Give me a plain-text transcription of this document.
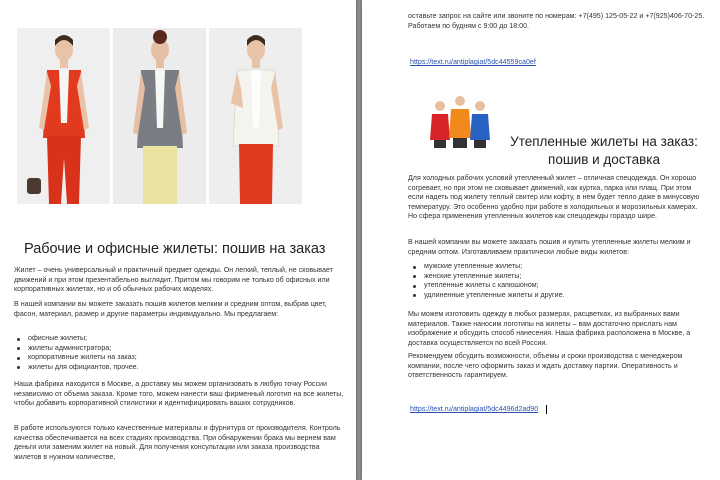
Рабочие и офисные жилеты: пошив на заказ
Жилет – очень универсальный и практичный предмет одежды. Он легкий, теплый, не сковывает движений и при этом презентабельно выглядит. Притом мы говорим не только об офисных или корпоративных жилетах, но и об обычных рабочих моделях.
В нашей компании вы можете заказать пошив жилетов мелким и средним оптом, выбрав цвет, фасон, материал, размер и другие параметры индивидуально. Мы предлагаем:
офисные жилеты;
жилеты администратора;
корпоративные жилеты на заказ;
жилеты для официантов, прочее.
Наша фабрика находится в Москве, а доставку мы можем организовать в любую точку России независимо от объема заказа. Кроме того, можем нанести ваш фирменный логотип на все жилеты, чтобы добавить корпоративной стилистики и идентифицировать ваших сотрудников.
В работе используются только качественные материалы и фурнитура от производителя. Контроль качества обеспечивается на всех стадиях производства. При обнаружении брака мы вернем вам деньги или заменим жилет на новый. Для получения консультации или заказа производства жилетов в нужном количестве,
оставьте запрос на сайте или звоните по номерам: +7(495) 125-05-22 и +7(925)406-70-25. Работаем по будням с 9:00 до 18:00.
https://text.ru/antiplagiat/5dc44559ca0ef
Утепленные жилеты на заказ: пошив и доставка
Для холодных рабочих условий утепленный жилет – отличная спецодежда. Он хорошо согревает, но при этом не сковывает движений, как куртка, парка или плащ. При этом если надеть под жилету теплый свитер или кофту, в нем будет тепло даже в минусовую температуру. Это особенно удобно при работе в холодильных и морозильных камерах. Но сфера применения утепленных жилетов как спецодежды гораздо шире.
В нашей компании вы можете заказать пошив и купить утепленные жилеты мелким и средним оптом. Изготавливаем практически любые виды жилетов:
мужские утепленные жилеты;
женские утепленные жилеты;
утепленные жилеты с капюшоном;
удлиненные утепленные жилеты и другие.
Мы можем изготовить одежду в любых размерах, расцветках, из выбранных вами материалов. Также наносим логотипы на жилеты – вам достаточно прислать нам изображение и обсудить способ нанесения. Наша фабрика расположена в Москве, а доставка осуществляется по всей России.
Рекомендуем обсудить возможности, объемы и сроки производства с менеджером компании, после чего оформить заказ и ждать доставку партии. Оперативность и ответственность гарантируем.
https://text.ru/antiplagiat/5dc4496d2ad90
